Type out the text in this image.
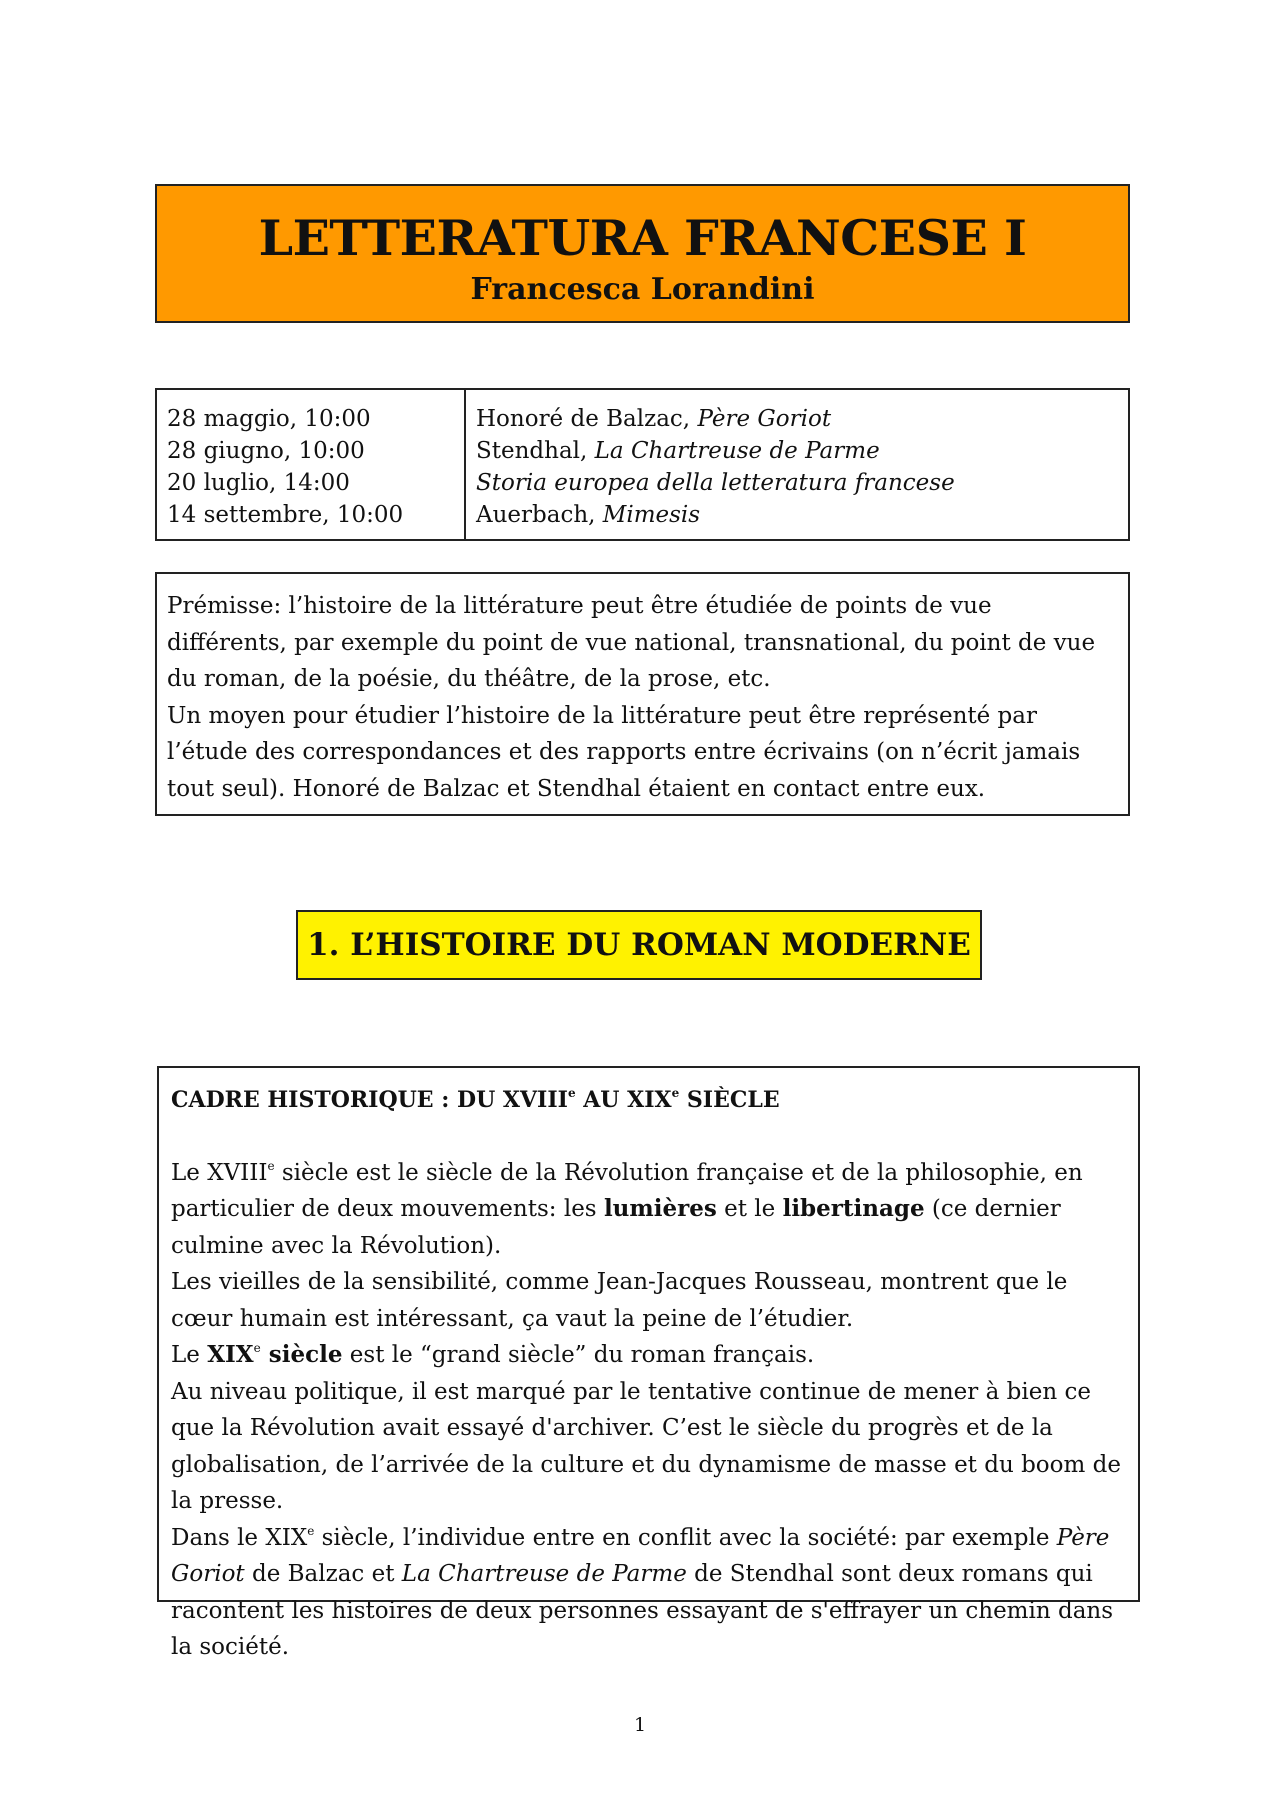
LETTERATURA FRANCESE I
Francesca Lorandini
28 maggio, 10:00
28 giugno, 10:00
20 luglio, 14:00
14 settembre, 10:00
Honoré de Balzac, Père Goriot
Stendhal, La Chartreuse de Parme
Storia europea della letteratura francese
Auerbach, Mimesis

Prémisse: l’histoire de la littérature peut être étudiée de points de vue différents, par exemple du point de vue national, transnational, du point de vue du roman, de la poésie, du théâtre, de la prose, etc.

Un moyen pour étudier l’histoire de la littérature peut être représenté par l’étude des correspondances et des rapports entre écrivains (on n’écrit jamais tout seul). Honoré de Balzac et Stendhal étaient en contact entre eux.

1. L’HISTOIRE DU ROMAN MODERNE

CADRE HISTORIQUE : DU XVIIIe AU XIXe SIÈCLE

Le XVIIIe siècle est le siècle de la Révolution française et de la philosophie, en particulier de deux mouvements: les lumières et le libertinage (ce dernier culmine avec la Révolution).

Les vieilles de la sensibilité, comme Jean-Jacques Rousseau, montrent que le cœur humain est intéressant, ça vaut la peine de l’étudier.

Le XIXe siècle est le “grand siècle” du roman français.

Au niveau politique, il est marqué par le tentative continue de mener à bien ce que la Révolution avait essayé d'archiver. C’est le siècle du progrès et de la globalisation, de l’arrivée de la culture et du dynamisme de masse et du boom de la presse.

Dans le XIXe siècle, l’individue entre en conflit avec la société: par exemple Père Goriot de Balzac et La Chartreuse de Parme de Stendhal sont deux romans qui racontent les histoires de deux personnes essayant de s'effrayer un chemin dans la société.

1
